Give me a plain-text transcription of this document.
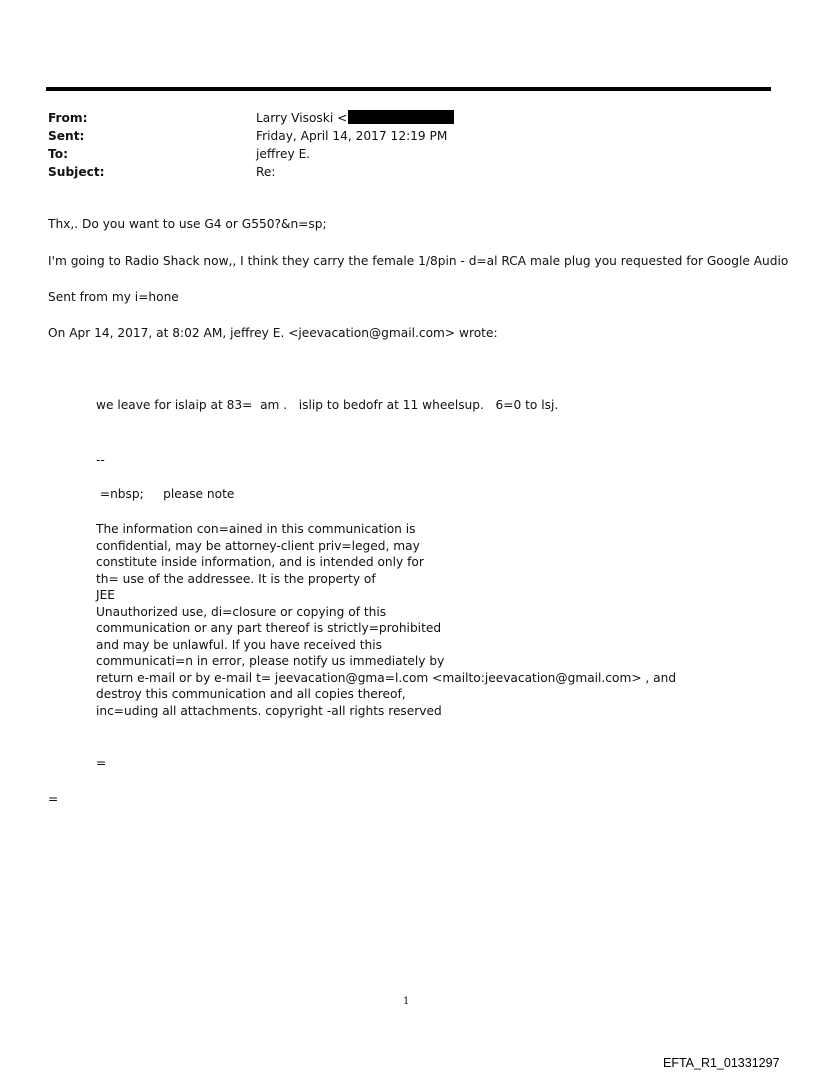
From:	Larry Visoski <
Sent:	Friday, April 14, 2017 12:19 PM
To:	jeffrey E.
Subject:	Re:
Thx,. Do you want to use G4 or G550?&n=sp;
I'm going to Radio Shack now,, I think they carry the female 1/8pin - d=al RCA male plug you requested for Google Audio
Sent from my i=hone
On Apr 14, 2017, at 8:02 AM, jeffrey E. <jeevacation@gmail.com> wrote:
we leave for islaip at 83=  am .   islip to bedofr at 11 wheelsup.   6=0 to lsj.
--
=nbsp;     please note
The information con=ained in this communication is
confidential, may be attorney-client priv=leged, may
constitute inside information, and is intended only for
th= use of the addressee. It is the property of
JEE
Unauthorized use, di=closure or copying of this
communication or any part thereof is strictly=prohibited
and may be unlawful. If you have received this
communicati=n in error, please notify us immediately by
return e-mail or by e-mail t= jeevacation@gma=l.com <mailto:jeevacation@gmail.com> , and
destroy this communication and all copies thereof,
inc=uding all attachments. copyright -all rights reserved
=
=
1
EFTA_R1_01331297
